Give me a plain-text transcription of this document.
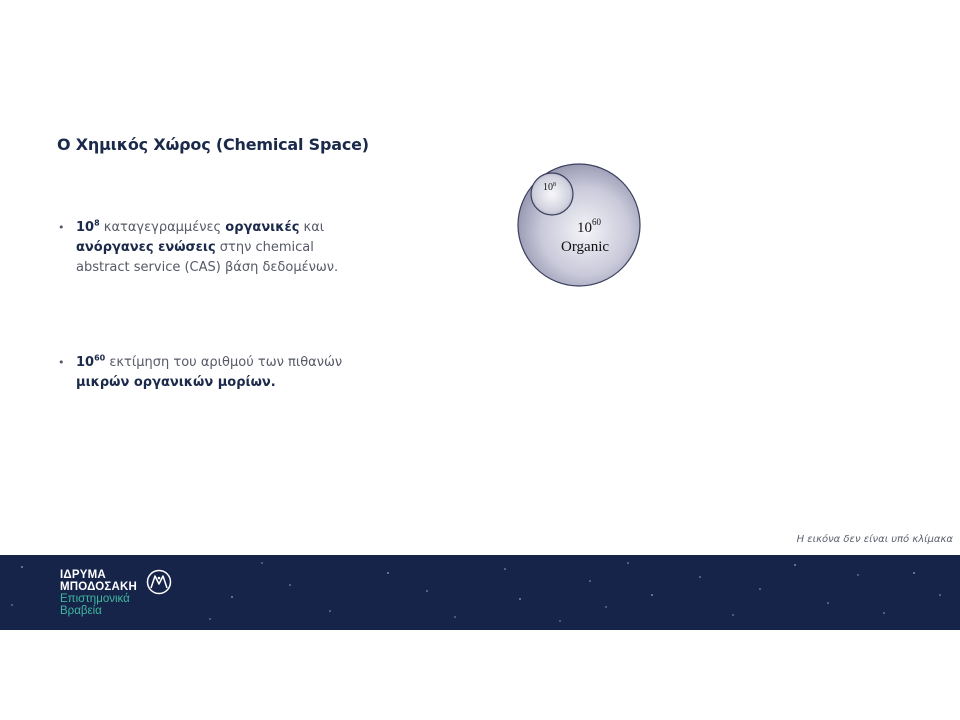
Ο Χημικός Χώρος (Chemical Space)
• $10^8$ καταγεγραμμένες οργανικές και ανόργανες ενώσεις στην chemical abstract service (CAS) βάση δεδομένων.
• $10^{60}$ εκτίμηση του αριθμού των πιθανών μικρών οργανικών μορίων.
$10^8$
$10^{60}$
Organic
Η εικόνα δεν είναι υπό κλίμακα
ΙΔΡΥΜΑ
ΜΠΟΔΟΣΑΚΗ
Επιστημονικά
Βραβεία
